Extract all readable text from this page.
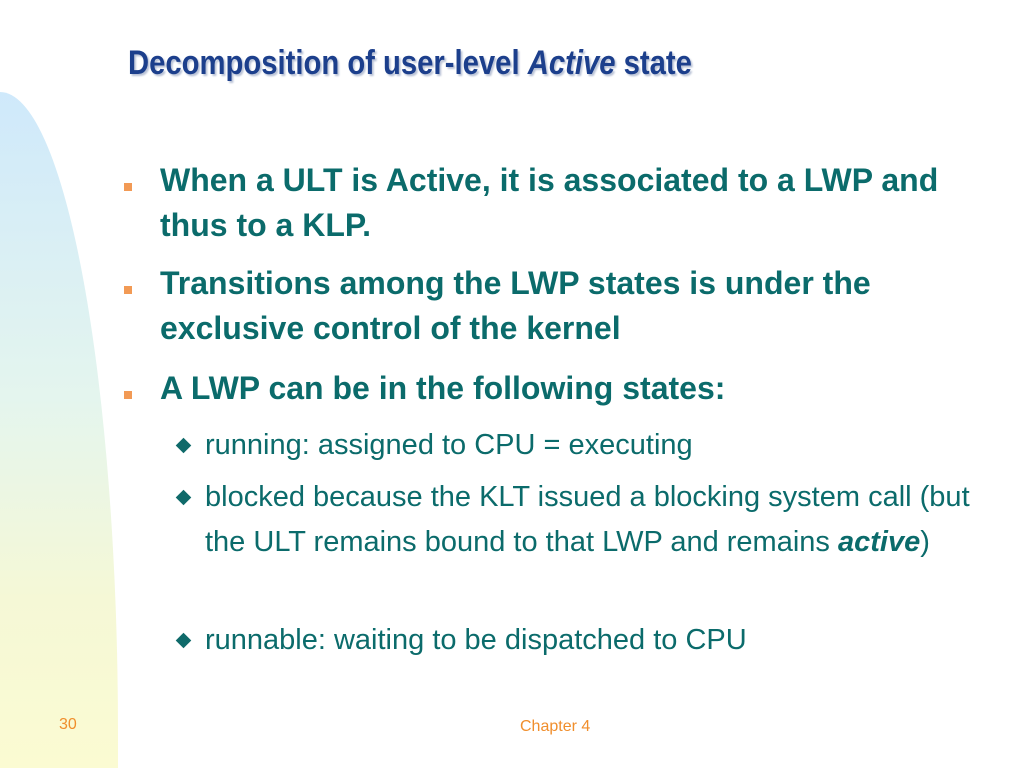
Decomposition of user-level Active state
When a ULT is Active, it is associated to a LWP and thus to a KLP.
Transitions among the LWP states is under the exclusive control of the kernel
A LWP can be in the following states:
running: assigned to CPU = executing
blocked because the KLT issued a blocking system call (but the ULT remains bound to that LWP and remains active)
runnable: waiting to be dispatched to CPU
30	Chapter 4
